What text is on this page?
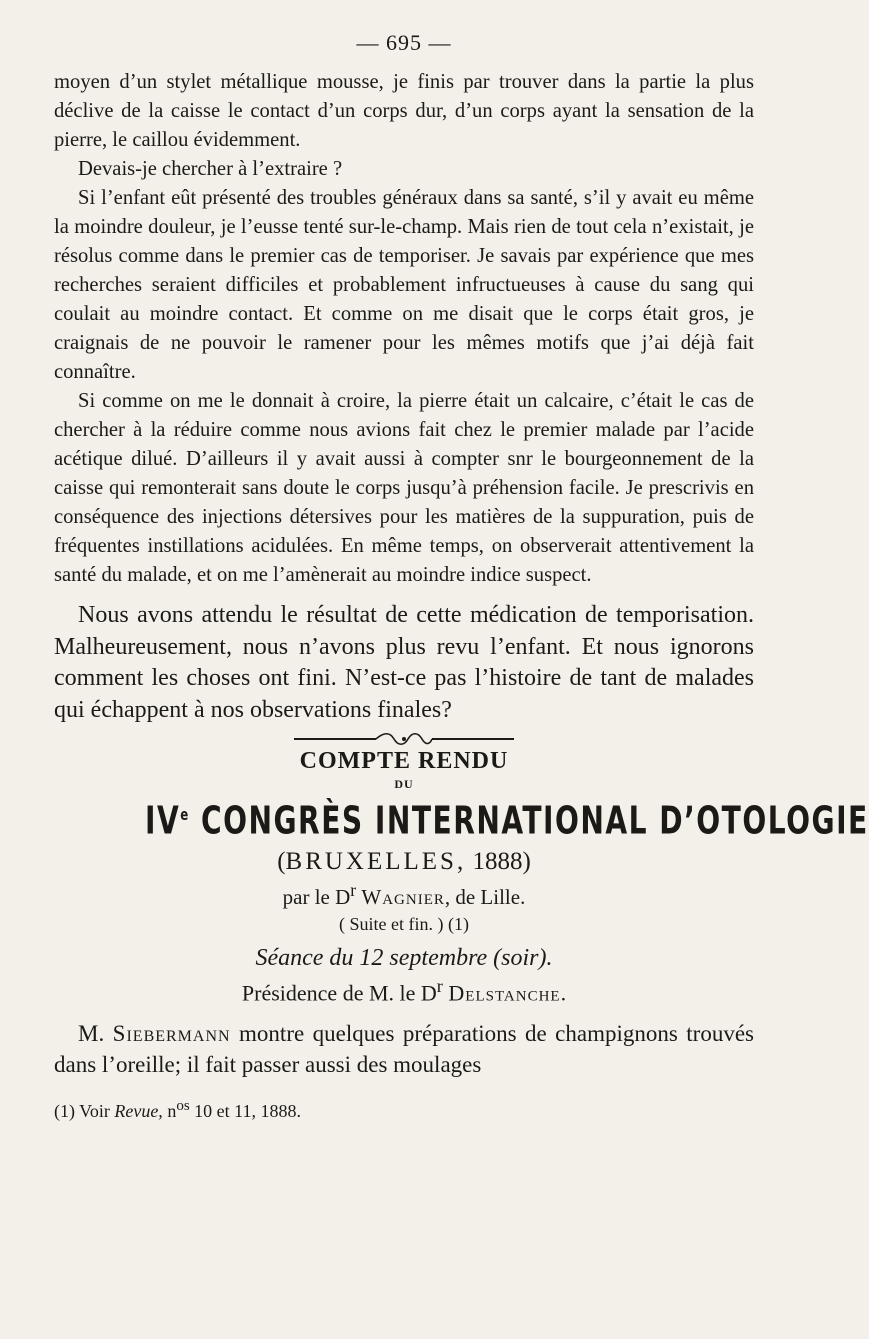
— 695 —

moyen d’un stylet métallique mousse, je finis par trouver dans la partie la plus déclive de la caisse le contact d’un corps dur, d’un corps ayant la sensation de la pierre, le caillou évidemment.

Devais-je chercher à l’extraire ?

Si l’enfant eût présenté des troubles généraux dans sa santé, s’il y avait eu même la moindre douleur, je l’eusse tenté sur-le-champ. Mais rien de tout cela n’existait, je résolus comme dans le premier cas de temporiser. Je savais par expérience que mes recherches seraient difficiles et probablement infructueuses à cause du sang qui coulait au moindre contact. Et comme on me disait que le corps était gros, je craignais de ne pouvoir le ramener pour les mêmes motifs que j’ai déjà fait connaître.

Si comme on me le donnait à croire, la pierre était un calcaire, c’était le cas de chercher à la réduire comme nous avions fait chez le premier malade par l’acide acétique dilué. D’ailleurs il y avait aussi à compter snr le bourgeonnement de la caisse qui remonterait sans doute le corps jusqu’à préhension facile. Je prescrivis en conséquence des injections détersives pour les matières de la suppuration, puis de fréquentes instillations acidulées. En même temps, on observerait attentivement la santé du malade, et on me l’amènerait au moindre indice suspect.

Nous avons attendu le résultat de cette médication de temporisation. Malheureusement, nous n’avons plus revu l’enfant. Et nous ignorons comment les choses ont fini. N’est-ce pas l’histoire de tant de malades qui échappent à nos observations finales?

COMPTE RENDU
DU
IVe CONGRÈS INTERNATIONAL D’OTOLOGIE
(BRUXELLES, 1888)
par le $D^r$ Wagnier, de Lille.
( Suite et fin. ) (1)
Séance du 12 septembre (soir).
Présidence de M. le $D^r$ Delstanche.

M. Siebermann montre quelques préparations de champignons trouvés dans l’oreille; il fait passer aussi des moulages

(1) Voir Revue, $n^{os}$ 10 et 11, 1888.
